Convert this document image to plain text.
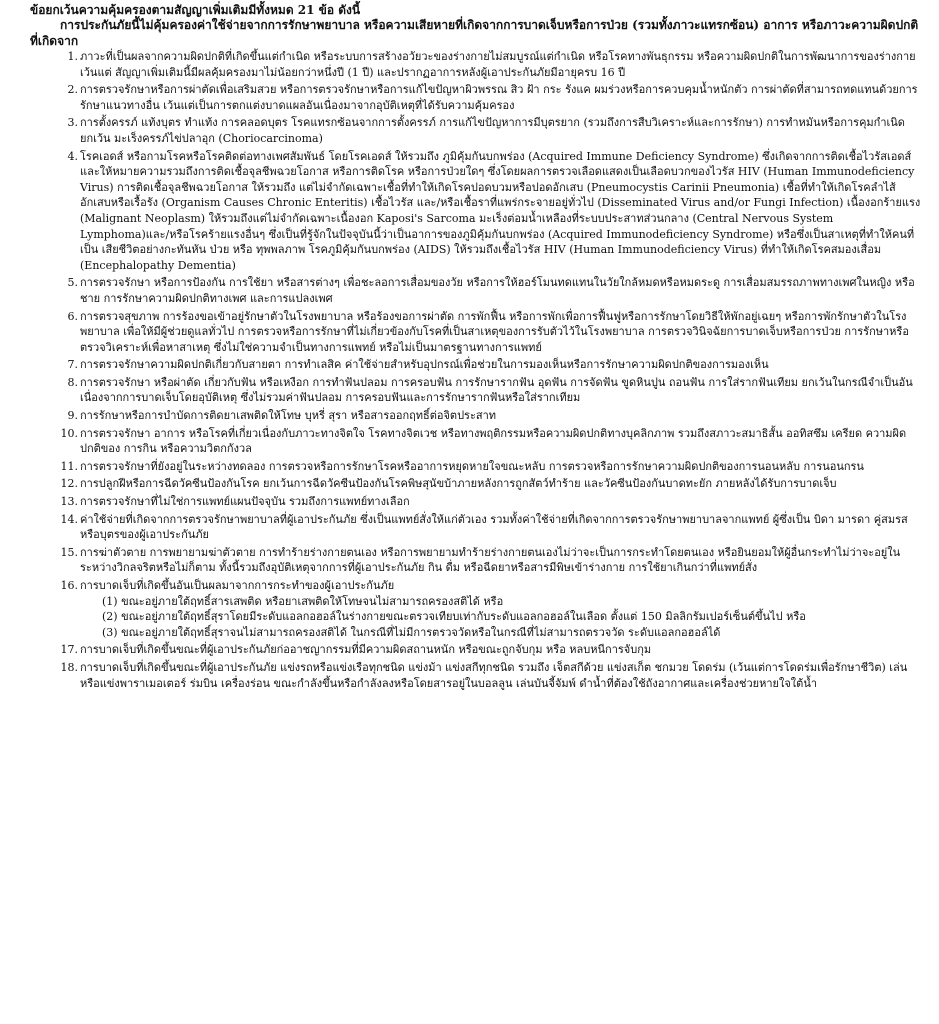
ข้อยกเว้นความคุ้มครองตามสัญญาเพิ่มเติมมีทั้งหมด 21 ข้อ ดังนี้

การประกันภัยนี้ไม่คุ้มครองค่าใช้จ่ายจากการรักษาพยาบาล หรือความเสียหายที่เกิดจากการบาดเจ็บหรือการป่วย (รวมทั้งภาวะแทรกซ้อน) อาการ หรือภาวะความผิดปกติที่เกิดจาก

1. ภาวะที่เป็นผลจากความผิดปกติที่เกิดขึ้นแต่กำเนิด หรือระบบการสร้างอวัยวะของร่างกายไม่สมบูรณ์แต่กำเนิด หรือโรคทางพันธุกรรม หรือความผิดปกติในการพัฒนาการของร่างกาย เว้นแต่ สัญญาเพิ่มเติมนี้มีผลคุ้มครองมาไม่น้อยกว่าหนึ่งปี (1 ปี) และปรากฏอาการหลังผู้เอาประกันภัยมีอายุครบ 16 ปี
2. การตรวจรักษาหรือการผ่าตัดเพื่อเสริมสวย หรือการตรวจรักษาหรือการแก้ไขปัญหาผิวพรรณ สิว ฝ้า กระ รังแค ผมร่วงหรือการควบคุมน้ำหนักตัว การผ่าตัดที่สามารถทดแทนด้วยการรักษาแนวทางอื่น เว้นแต่เป็นการตกแต่งบาดแผลอันเนื่องมาจากอุบัติเหตุที่ได้รับความคุ้มครอง
3. การตั้งครรภ์ แท้งบุตร ทำแท้ง การคลอดบุตร โรคแทรกซ้อนจากการตั้งครรภ์ การแก้ไขปัญหาการมีบุตรยาก (รวมถึงการสืบวิเคราะห์และการรักษา) การทำหมันหรือการคุมกำเนิด ยกเว้น มะเร็งครรภ์ไข่ปลาอุก (Choriocarcinoma)
4. โรคเอดส์ หรือกามโรคหรือโรคติดต่อทางเพศสัมพันธ์ โดยโรคเอดส์ ให้รวมถึง ภูมิคุ้มกันบกพร่อง (Acquired Immune Deficiency Syndrome) ซึ่งเกิดจากการติดเชื้อไวรัสเอดส์และให้หมายความรวมถึงการติดเชื้อจุลชีพฉวยโอกาส หรือการติดโรค หรือการป่วยใดๆ ซึ่งโดยผลการตรวจเลือดแสดงเป็นเลือดบวกของไวรัส HIV (Human Immunodeficiency Virus) การติดเชื้อจุลชีพฉวยโอกาส ให้รวมถึง แต่ไม่จำกัดเฉพาะเชื้อที่ทำให้เกิดโรคปอดบวมหรือปอดอักเสบ (Pneumocystis Carinii Pneumonia) เชื้อที่ทำให้เกิดโรคลำไส้อักเสบหรือเรื้อรัง (Organism Causes Chronic Enteritis) เชื้อไวรัส และ/หรือเชื้อราที่แพร่กระจายอยู่ทั่วไป (Disseminated Virus and/or Fungi Infection) เนื้องอกร้ายแรง (Malignant Neoplasm) ให้รวมถึงแต่ไม่จำกัดเฉพาะเนื้องอก Kaposi's Sarcoma มะเร็งต่อมน้ำเหลืองที่ระบบประสาทส่วนกลาง (Central Nervous System Lymphoma)และ/หรือโรคร้ายแรงอื่นๆ ซึ่งเป็นที่รู้จักในปัจจุบันนี้ว่าเป็นอาการของภูมิคุ้มกันบกพร่อง (Acquired Immunodeficiency Syndrome) หรือซึ่งเป็นสาเหตุที่ทำให้คนที่เป็น เสียชีวิตอย่างกะทันหัน ป่วย หรือ ทุพพลภาพ โรคภูมิคุ้มกันบกพร่อง (AIDS) ให้รวมถึงเชื้อไวรัส HIV (Human Immunodeficiency Virus) ที่ทำให้เกิดโรคสมองเสื่อม (Encephalopathy Dementia)
5. การตรวจรักษา หรือการป้องกัน การใช้ยา หรือสารต่างๆ เพื่อชะลอการเสื่อมของวัย หรือการให้ฮอร์โมนทดแทนในวัยใกล้หมดหรือหมดระดู การเสื่อมสมรรถภาพทางเพศในหญิง หรือชาย การรักษาความผิดปกติทางเพศ และการแปลงเพศ
6. การตรวจสุขภาพ การร้องขอเข้าอยู่รักษาตัวในโรงพยาบาล หรือร้องขอการผ่าตัด การพักฟื้น หรือการพักเพื่อการฟื้นฟูหรือการรักษาโดยวิธีให้พักอยู่เฉยๆ หรือการพักรักษาตัวในโรงพยาบาล เพื่อให้มีผู้ช่วยดูแลทั่วไป การตรวจหรือการรักษาที่ไม่เกี่ยวข้องกับโรคที่เป็นสาเหตุของการรับตัวไว้ในโรงพยาบาล การตรวจวินิจฉัยการบาดเจ็บหรือการป่วย การรักษาหรือตรวจวิเคราะห์เพื่อหาสาเหตุ ซึ่งไม่ใช่ความจำเป็นทางการแพทย์ หรือไม่เป็นมาตรฐานทางการแพทย์
7. การตรวจรักษาความผิดปกติเกี่ยวกับสายตา การทำเลสิค ค่าใช้จ่ายสำหรับอุปกรณ์เพื่อช่วยในการมองเห็นหรือการรักษาความผิดปกติของการมองเห็น
8. การตรวจรักษา หรือผ่าตัด เกี่ยวกับฟัน หรือเหงือก การทำฟันปลอม การครอบฟัน การรักษารากฟัน อุดฟัน การจัดฟัน ขูดหินปูน ถอนฟัน การใส่รากฟันเทียม ยกเว้นในกรณีจำเป็นอันเนื่องจากการบาดเจ็บโดยอุบัติเหตุ ซึ่งไม่รวมค่าฟันปลอม การครอบฟันและการรักษารากฟันหรือใส่รากเทียม
9. การรักษาหรือการบำบัดการติดยาเสพติดให้โทษ บุหรี่ สุรา หรือสารออกฤทธิ์ต่อจิตประสาท
10. การตรวจรักษา อาการ หรือโรคที่เกี่ยวเนื่องกับภาวะทางจิตใจ โรคทางจิตเวช หรือทางพฤติกรรมหรือความผิดปกติทางบุคลิกภาพ รวมถึงสภาวะสมาธิสั้น ออทิสซึม เครียด ความผิดปกติของ การกิน หรือความวิตกกังวล
11. การตรวจรักษาที่ยังอยู่ในระหว่างทดลอง การตรวจหรือการรักษาโรคหรืออาการหยุดหายใจขณะหลับ การตรวจหรือการรักษาความผิดปกติของการนอนหลับ การนอนกรน
12. การปลูกฝีหรือการฉีดวัคซีนป้องกันโรค ยกเว้นการฉีดวัคซีนป้องกันโรคพิษสุนัขบ้าภายหลังการถูกสัตว์ทำร้าย และวัคซีนป้องกันบาดทะยัก ภายหลังได้รับการบาดเจ็บ
13. การตรวจรักษาที่ไม่ใช่การแพทย์แผนปัจจุบัน รวมถึงการแพทย์ทางเลือก
14. ค่าใช้จ่ายที่เกิดจากการตรวจรักษาพยาบาลที่ผู้เอาประกันภัย ซึ่งเป็นแพทย์สั่งให้แก่ตัวเอง รวมทั้งค่าใช้จ่ายที่เกิดจากการตรวจรักษาพยาบาลจากแพทย์ ผู้ซึ่งเป็น บิดา มารดา คู่สมรส หรือบุตรของผู้เอาประกันภัย
15. การฆ่าตัวตาย การพยายามฆ่าตัวตาย การทำร้ายร่างกายตนเอง หรือการพยายามทำร้ายร่างกายตนเองไม่ว่าจะเป็นการกระทำโดยตนเอง หรือยินยอมให้ผู้อื่นกระทำไม่ว่าจะอยู่ในระหว่างวิกลจริตหรือไม่ก็ตาม ทั้งนี้รวมถึงอุบัติเหตุจากการที่ผู้เอาประกันภัย กิน ดื่ม หรือฉีดยาหรือสารมีพิษเข้าร่างกาย การใช้ยาเกินกว่าที่แพทย์สั่ง
16. การบาดเจ็บที่เกิดขึ้นอันเป็นผลมาจากการกระทำของผู้เอาประกันภัย
(1) ขณะอยู่ภายใต้ฤทธิ์สารเสพติด หรือยาเสพติดให้โทษจนไม่สามารถครองสติได้ หรือ
(2) ขณะอยู่ภายใต้ฤทธิ์สุราโดยมีระดับแอลกอฮอล์ในร่างกายขณะตรวจเทียบเท่ากับระดับแอลกอฮอล์ในเลือด ตั้งแต่ 150 มิลลิกรัมเปอร์เซ็นต์ขึ้นไป หรือ
(3) ขณะอยู่ภายใต้ฤทธิ์สุราจนไม่สามารถครองสติได้ ในกรณีที่ไม่มีการตรวจวัดหรือในกรณีที่ไม่สามารถตรวจวัด ระดับแอลกอฮอล์ได้
17. การบาดเจ็บที่เกิดขึ้นขณะที่ผู้เอาประกันภัยก่ออาชญากรรมที่มีความผิดสถานหนัก หรือขณะถูกจับกุม หรือ หลบหนีการจับกุม
18. การบาดเจ็บที่เกิดขึ้นขณะที่ผู้เอาประกันภัย แข่งรถหรือแข่งเรือทุกชนิด แข่งม้า แข่งสกีทุกชนิด รวมถึง เจ็ตสกีด้วย แข่งสเก็ต ชกมวย โดดร่ม (เว้นแต่การโดดร่มเพื่อรักษาชีวิต) เล่นหรือแข่งพาราเมอเตอร์ ร่มบิน เครื่องร่อน ขณะกำลังขึ้นหรือกำลังลงหรือโดยสารอยู่ในบอลลูน เล่นบันจี้จัมพ์ ดำน้ำที่ต้องใช้ถังอากาศและเครื่องช่วยหายใจใต้น้ำ
